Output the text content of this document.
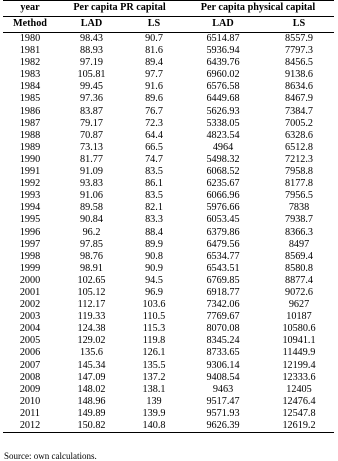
year	Per capita PR capital		Per capita physical capital	
Method	LAD	LS	LAD	LS
1980	98.43	90.7	6514.87	8557.9
1981	88.93	81.6	5936.94	7797.3
1982	97.19	89.4	6439.76	8456.5
1983	105.81	97.7	6960.02	9138.6
1984	99.45	91.6	6576.58	8634.6
1985	97.36	89.6	6449.68	8467.9
1986	83.87	76.7	5626.93	7384.7
1987	79.17	72.3	5338.05	7005.2
1988	70.87	64.4	4823.54	6328.6
1989	73.13	66.5	4964	6512.8
1990	81.77	74.7	5498.32	7212.3
1991	91.09	83.5	6068.52	7958.8
1992	93.83	86.1	6235.67	8177.8
1993	91.06	83.5	6066.96	7956.5
1994	89.58	82.1	5976.66	7838
1995	90.84	83.3	6053.45	7938.7
1996	96.2	88.4	6379.86	8366.3
1997	97.85	89.9	6479.56	8497
1998	98.76	90.8	6534.77	8569.4
1999	98.91	90.9	6543.51	8580.8
2000	102.65	94.5	6769.85	8877.4
2001	105.12	96.9	6918.77	9072.6
2002	112.17	103.6	7342.06	9627
2003	119.33	110.5	7769.67	10187
2004	124.38	115.3	8070.08	10580.6
2005	129.02	119.8	8345.24	10941.1
2006	135.6	126.1	8733.65	11449.9
2007	145.34	135.5	9306.14	12199.4
2008	147.09	137.2	9408.54	12333.6
2009	148.02	138.1	9463	12405
2010	148.96	139	9517.47	12476.4
2011	149.89	139.9	9571.93	12547.8
2012	150.82	140.8	9626.39	12619.2
Source: own calculations.
